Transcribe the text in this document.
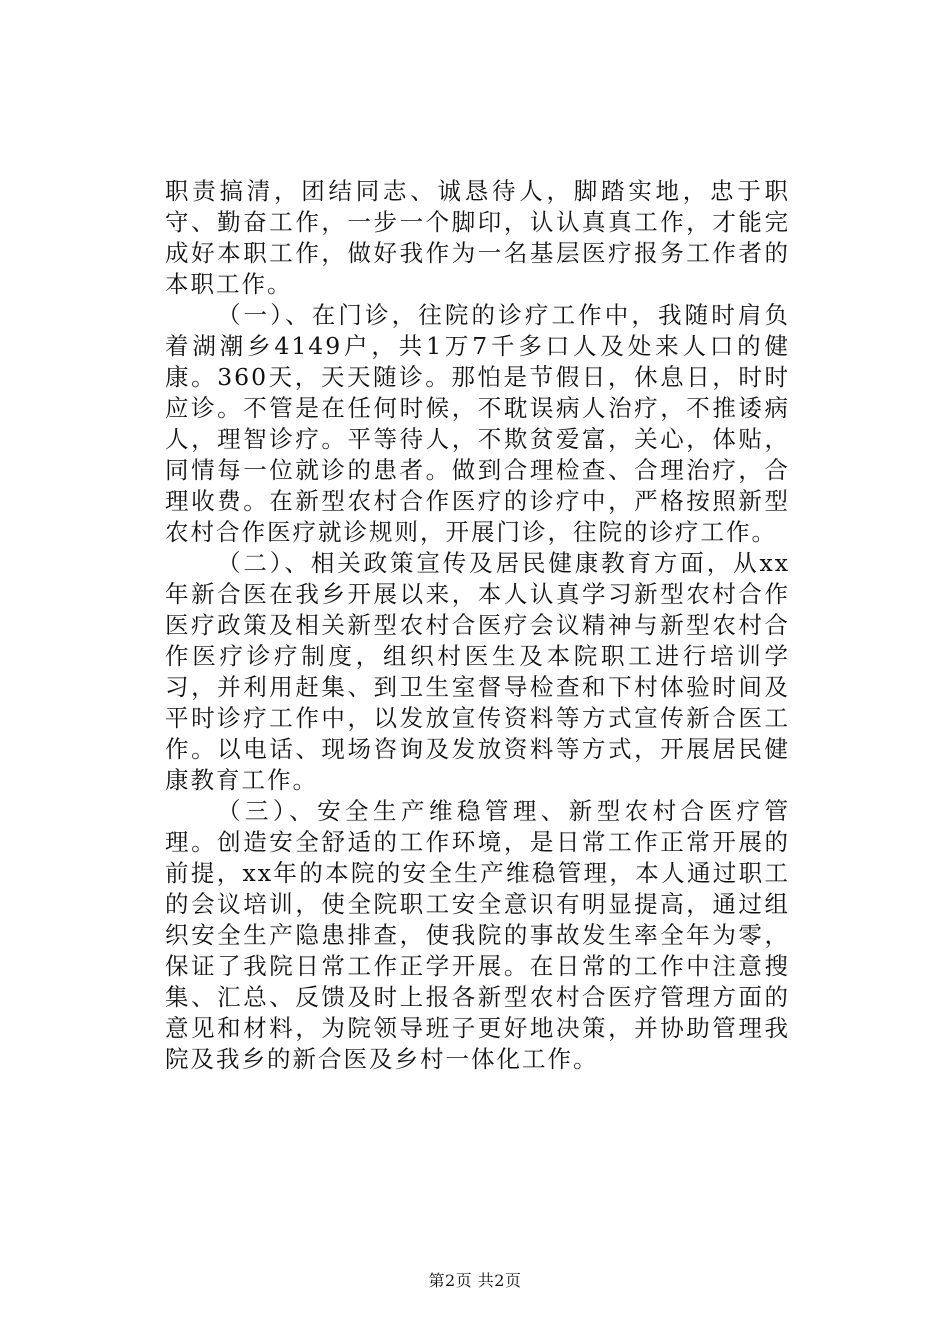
职责搞清，团结同志、诚恳待人，脚踏实地，忠于职守、勤奋工作，一步一个脚印，认认真真工作，才能完成好本职工作，做好我作为一名基层医疗报务工作者的本职工作。

（一）、在门诊，往院的诊疗工作中，我随时肩负着湖潮乡4149户，共1万7千多口人及处来人口的健康。360天，天天随诊。那怕是节假日，休息日，时时应诊。不管是在任何时候，不耽误病人治疗，不推诿病人，理智诊疗。平等待人，不欺贫爱富，关心，体贴，同情每一位就诊的患者。做到合理检查、合理治疗，合理收费。在新型农村合作医疗的诊疗中，严格按照新型农村合作医疗就诊规则，开展门诊，往院的诊疗工作。

（二）、相关政策宣传及居民健康教育方面，从xx年新合医在我乡开展以来，本人认真学习新型农村合作医疗政策及相关新型农村合医疗会议精神与新型农村合作医疗诊疗制度，组织村医生及本院职工进行培训学习，并利用赶集、到卫生室督导检查和下村体验时间及平时诊疗工作中，以发放宣传资料等方式宣传新合医工作。以电话、现场咨询及发放资料等方式，开展居民健康教育工作。

（三）、安全生产维稳管理、新型农村合医疗管理。创造安全舒适的工作环境，是日常工作正常开展的前提，xx年的本院的安全生产维稳管理，本人通过职工的会议培训，使全院职工安全意识有明显提高，通过组织安全生产隐患排查，使我院的事故发生率全年为零，保证了我院日常工作正学开展。在日常的工作中注意搜集、汇总、反馈及时上报各新型农村合医疗管理方面的意见和材料，为院领导班子更好地决策，并协助管理我院及我乡的新合医及乡村一体化工作。

第2页 共2页
